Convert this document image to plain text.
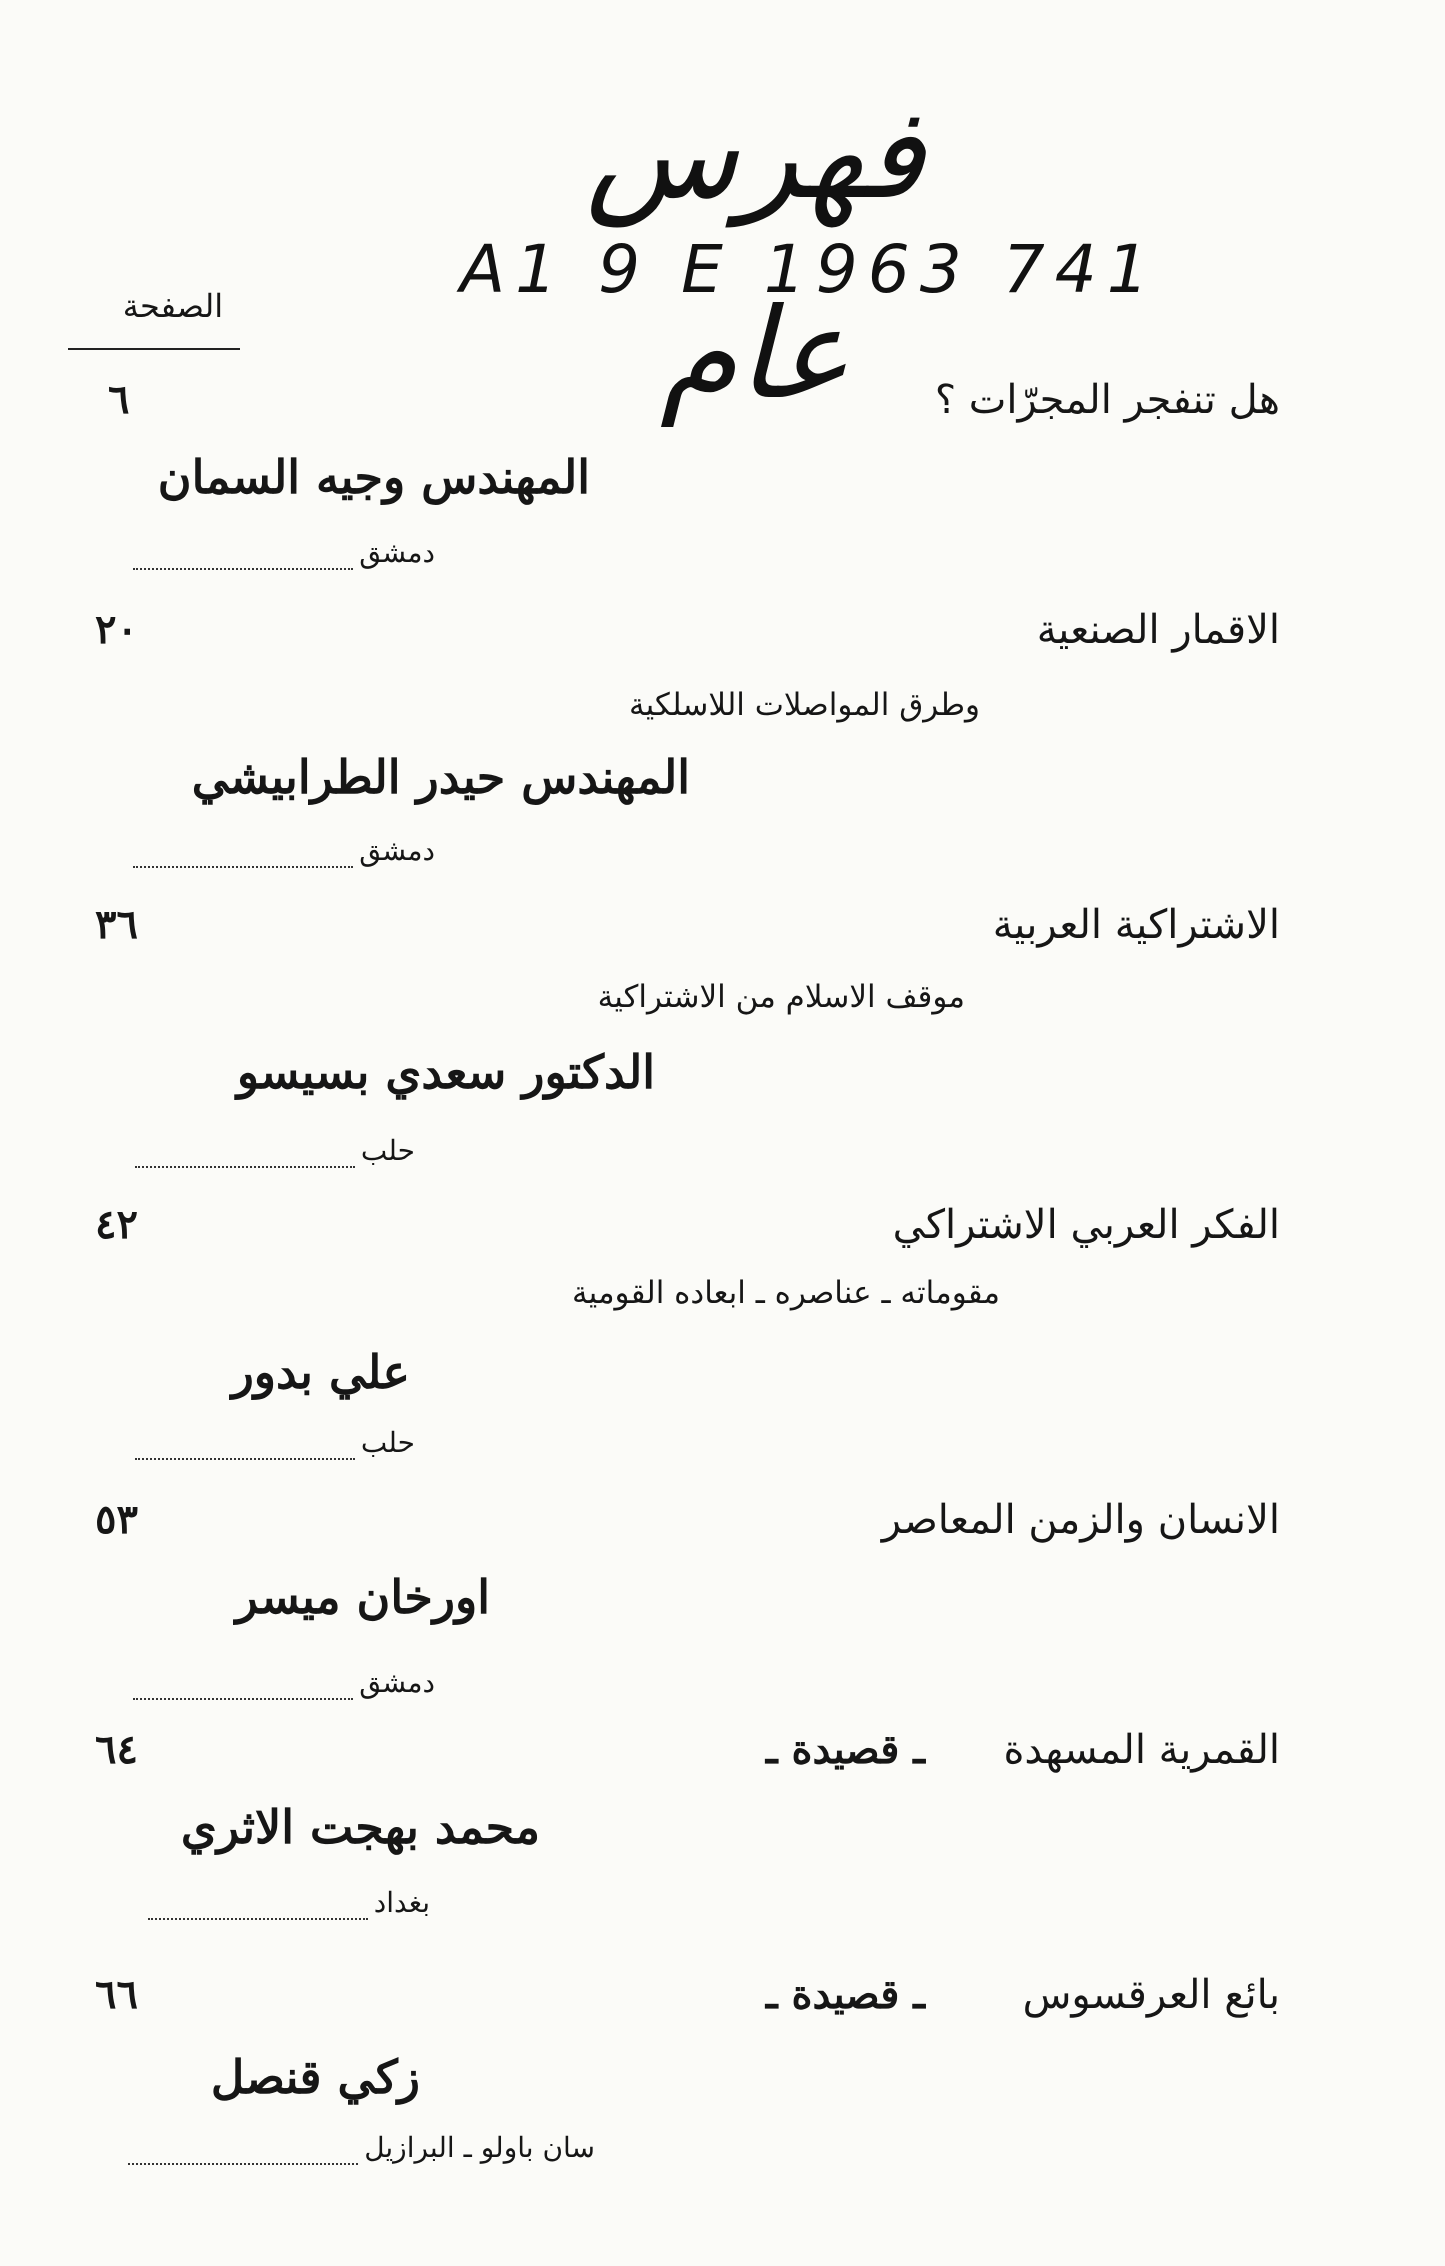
فهرس عام
A1 9 E 1963 741
الصفحة
هل تنفجر المجرّات ؟
٦
المهندس وجيه السمان
دمشق
الاقمار الصنعية
٢٠
وطرق المواصلات اللاسلكية
المهندس حيدر الطرابيشي
دمشق
الاشتراكية العربية
٣٦
موقف الاسلام من الاشتراكية
الدكتور سعدي بسيسو
حلب
الفكر العربي الاشتراكي
٤٢
مقوماته ـ عناصره ـ ابعاده القومية
علي بدور
حلب
الانسان والزمن المعاصر
٥٣
اورخان ميسر
دمشق
القمرية المسهدة
ـ قصيدة ـ
٦٤
محمد بهجت الاثري
بغداد
بائع العرقسوس
ـ قصيدة ـ
٦٦
زكي قنصل
سان باولو ـ البرازيل
